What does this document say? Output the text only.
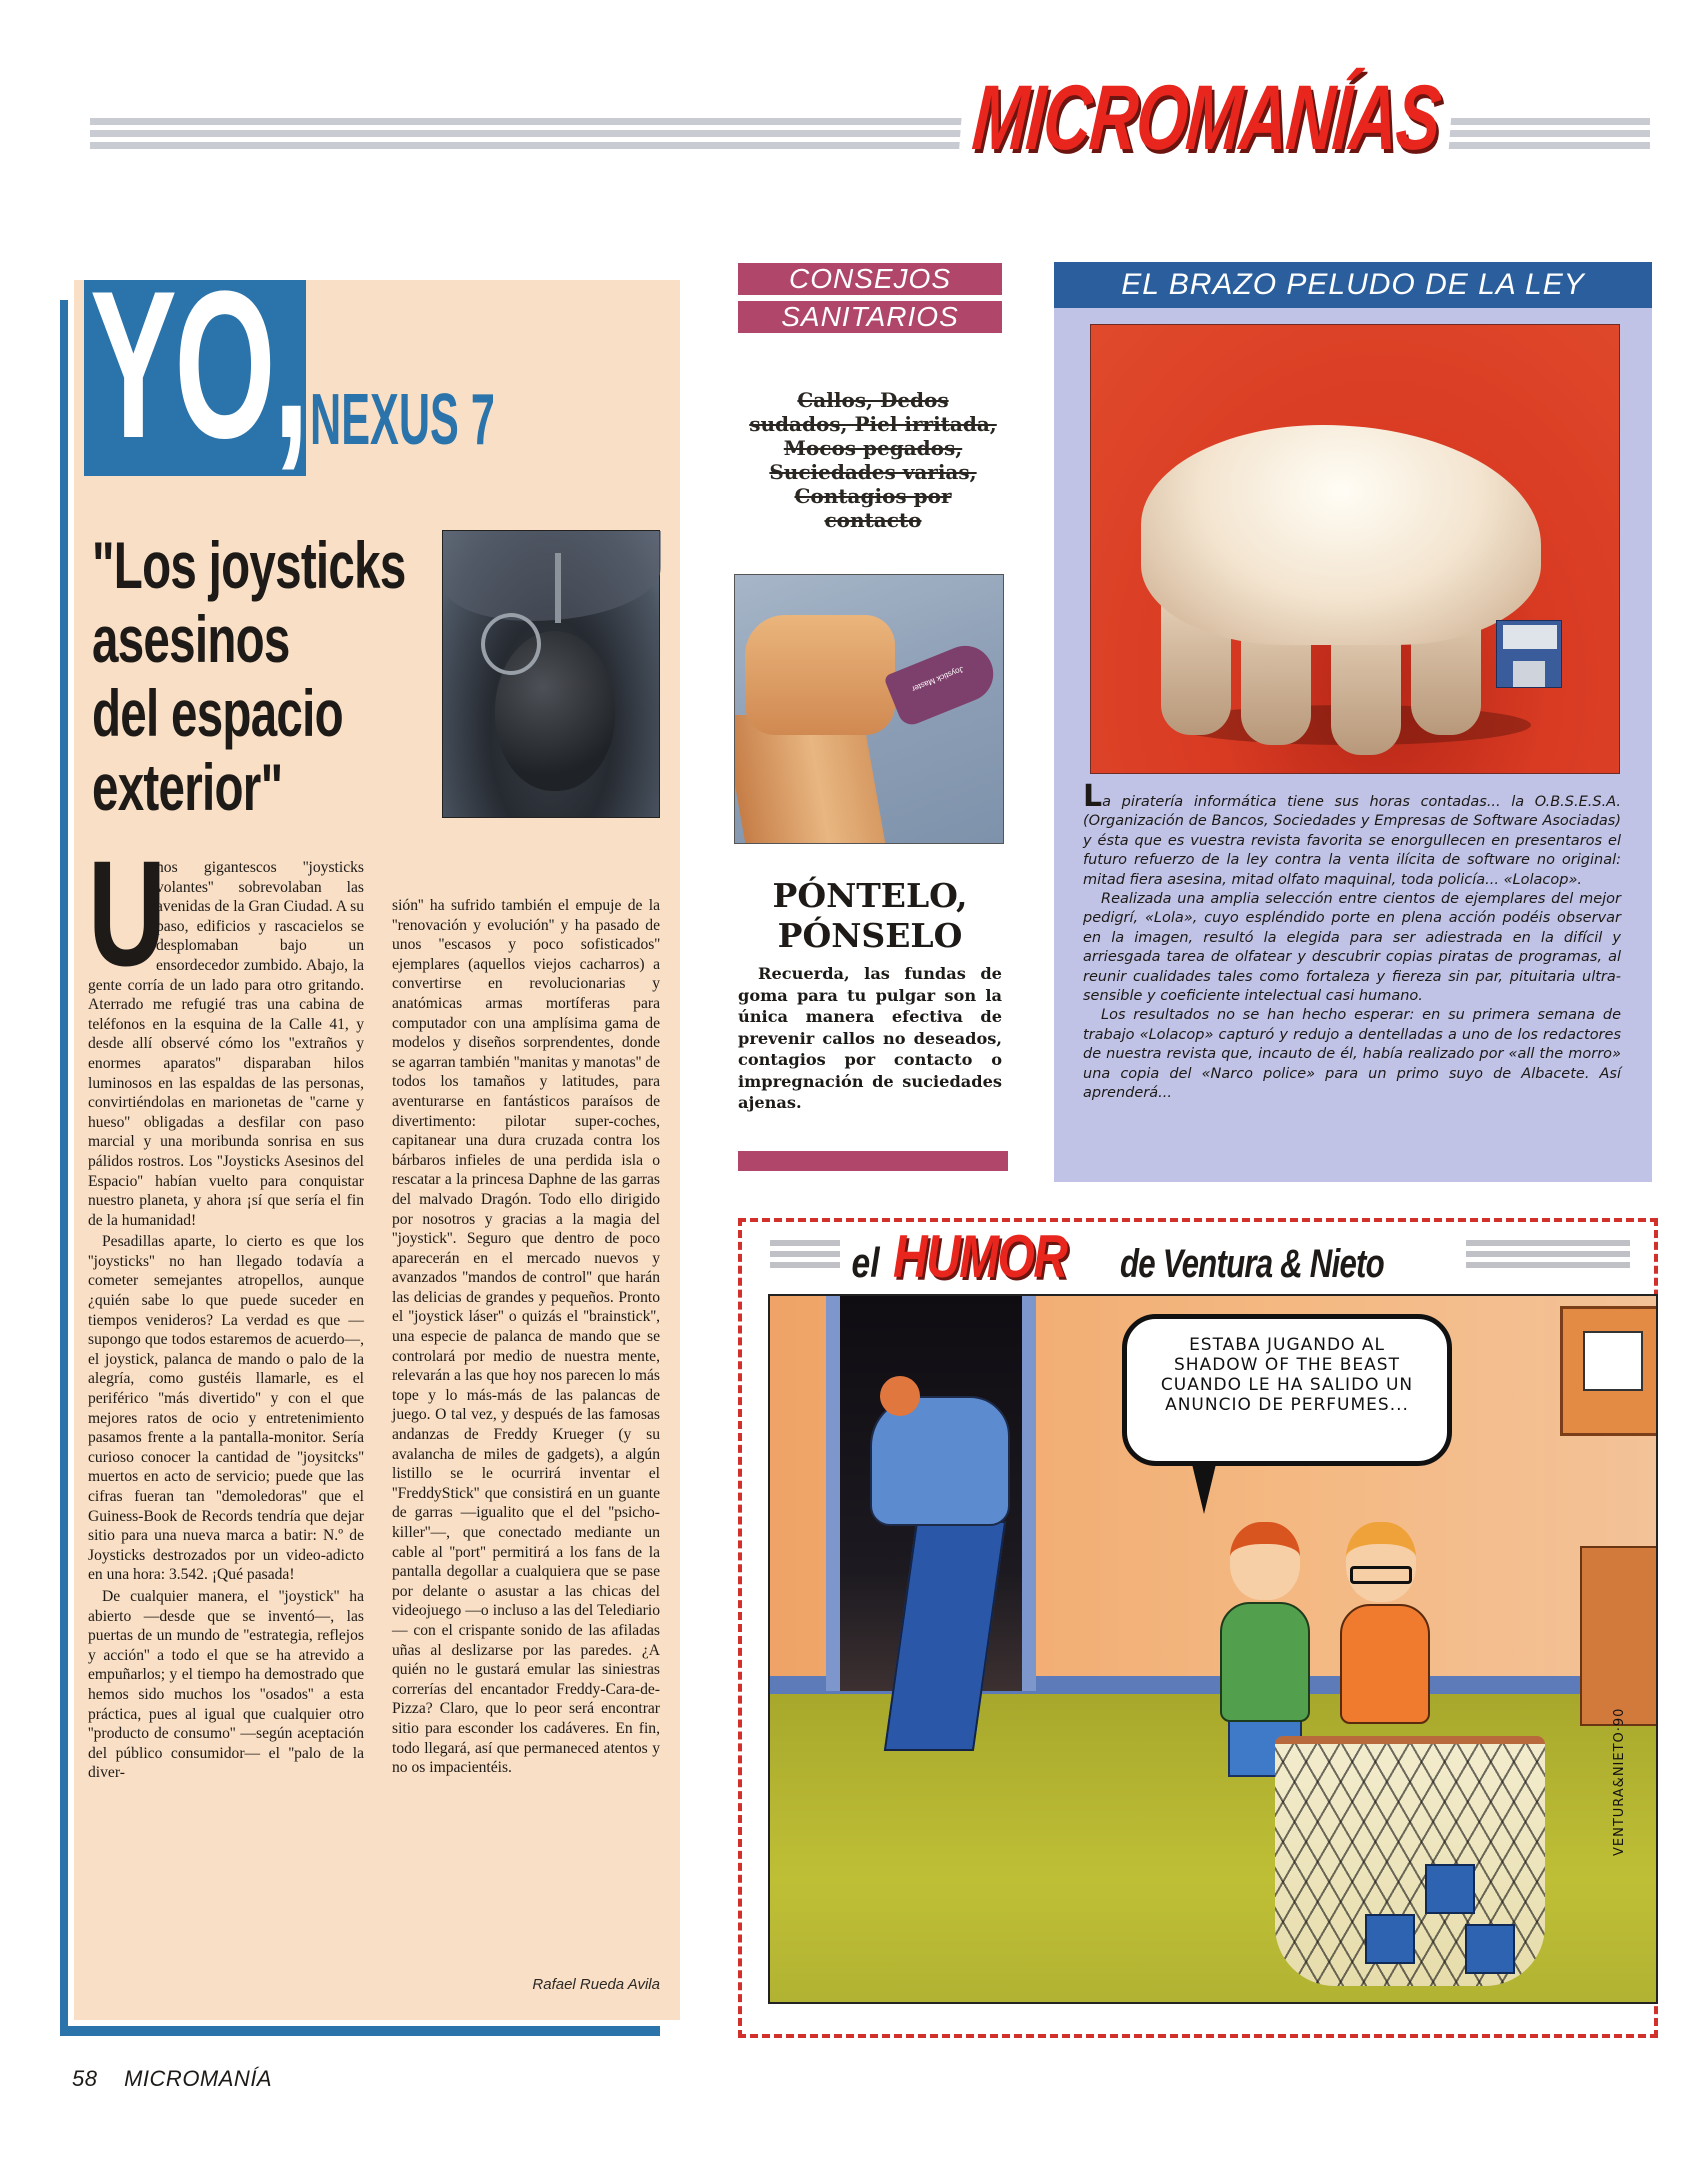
MICROMANÍAS
YO, NEXUS 7
"Los joysticks
asesinos
del espacio
exterior"
U

nos gigantescos ''joysticks volantes'' sobrevolaban las avenidas de la Gran Ciudad. A su paso, edificios y rascacielos se desplomaban bajo un ensordecedor zumbido. Abajo, la gente corría de un lado para otro gritando. Aterrado me refugié tras una cabina de teléfonos en la esquina de la Calle 41, y desde allí observé cómo los ''extraños y enormes aparatos'' disparaban hilos luminosos en las espaldas de las personas, convirtiéndolas en marionetas de ''carne y hueso'' obligadas a desfilar con paso marcial y una moribunda sonrisa en sus pálidos rostros. Los ''Joysticks Asesinos del Espacio'' habían vuelto para conquistar nuestro planeta, y ahora ¡sí que sería el fin de la humanidad!

Pesadillas aparte, lo cierto es que los ''joysticks'' no han llegado todavía a cometer semejantes atropellos, aunque ¿quién sabe lo que puede suceder en tiempos venideros? La verdad es que —supongo que todos estaremos de acuerdo—, el joystick, palanca de mando o palo de la alegría, como gustéis llamarle, es el periférico ''más divertido'' y con el que mejores ratos de ocio y entretenimiento pasamos frente a la pantalla-monitor. Sería curioso conocer la cantidad de ''joysitcks'' muertos en acto de servicio; puede que las cifras fueran tan ''demoledoras'' que el Guiness-Book de Records tendría que dejar sitio para una nueva marca a batir: N.º de Joysticks destrozados por un video-adicto en una hora: 3.542. ¡Qué pasada!

De cualquier manera, el ''joystick'' ha abierto —desde que se inventó—, las puertas de un mundo de ''estrategia, reflejos y acción'' a todo el que se ha atrevido a empuñarlos; y el tiempo ha demostrado que hemos sido muchos los ''osados'' a esta práctica, pues al igual que cualquier otro ''producto de consumo'' —según aceptación del público consumidor— el ''palo de la diver-

sión'' ha sufrido también el empuje de la ''renovación y evolución'' y ha pasado de unos ''escasos y poco sofisticados'' ejemplares (aquellos viejos cacharros) a convertirse en revolucionarias y anatómicas armas mortíferas para computador con una amplísima gama de modelos y diseños sorprendentes, donde se agarran también ''manitas y manotas'' de todos los tamaños y latitudes, para aventurarse en fantásticos paraísos de divertimento: pilotar super-coches, capitanear una dura cruzada contra los bárbaros infieles de una perdida isla o rescatar a la princesa Daphne de las garras del malvado Dragón. Todo ello dirigido por nosotros y gracias a la magia del ''joystick''. Seguro que dentro de poco aparecerán en el mercado nuevos y avanzados ''mandos de control'' que harán las delicias de grandes y pequeños. Pronto el ''joystick láser'' o quizás el ''brainstick'', una especie de palanca de mando que se controlará por medio de nuestra mente, relevarán a las que hoy nos parecen lo más tope y lo más-más de las palancas de juego. O tal vez, y después de las famosas andanzas de Freddy Krueger (y su avalancha de miles de gadgets), a algún listillo se le ocurrirá inventar el ''FreddyStick'' que consistirá en un guante de garras —igualito que el del ''psicho-killer''—, que conectado mediante un cable al ''port'' permitirá a los fans de la pantalla degollar a cualquiera que se pase por delante o asustar a las chicas del videojuego —o incluso a las del Telediario— con el crispante sonido de las afiladas uñas al deslizarse por las paredes. ¿A quién no le gustará emular las siniestras correrías del encantador Freddy-Cara-de-Pizza? Claro, que lo peor será encontrar sitio para esconder los cadáveres. En fin, todo llegará, así que permaneced atentos y no os impacientéis.

Rafael Rueda Avila
CONSEJOS
SANITARIOS
Callos, Dedos
sudados, Piel irritada,
Mocos pegados,
Suciedades varias,
Contagios por
contacto
Joystick Master
PÓNTELO, PÓNSELO
Recuerda, las fundas de goma para tu pulgar son la única manera efectiva de prevenir callos no deseados, contagios por contacto o impregnación de suciedades ajenas.
EL BRAZO PELUDO DE LA LEY

La piratería informática tiene sus horas contadas... la O.B.S.E.S.A. (Organización de Bancos, Sociedades y Empresas de Software Asociadas) y ésta que es vuestra revista favorita se enorgullecen en presentaros el futuro refuerzo de la ley contra la venta ilícita de software no original: mitad fiera asesina, mitad olfato maquinal, toda policía... «Lolacop».

Realizada una amplia selección entre cientos de ejemplares del mejor pedigrí, «Lola», cuyo espléndido porte en plena acción podéis observar en la imagen, resultó la elegida para ser adiestrada en la difícil y arriesgada tarea de olfatear y descubrir copias piratas de programas, al reunir cualidades tales como fortaleza y fiereza sin par, pituitaria ultra-sensible y coeficiente intelectual casi humano.

Los resultados no se han hecho esperar: en su primera semana de trabajo «Lolacop» capturó y redujo a dentelladas a uno de los redactores de nuestra revista que, incauto de él, había realizado por «all the morro» una copia del «Narco police» para un primo suyo de Albacete. Así aprenderá...

el HUMOR de Ventura & Nieto
ESTABA JUGANDO AL SHADOW OF THE BEAST CUANDO LE HA SALIDO UN ANUNCIO DE PERFUMES...
VENTURA&NIETO·90
58 MICROMANÍA
